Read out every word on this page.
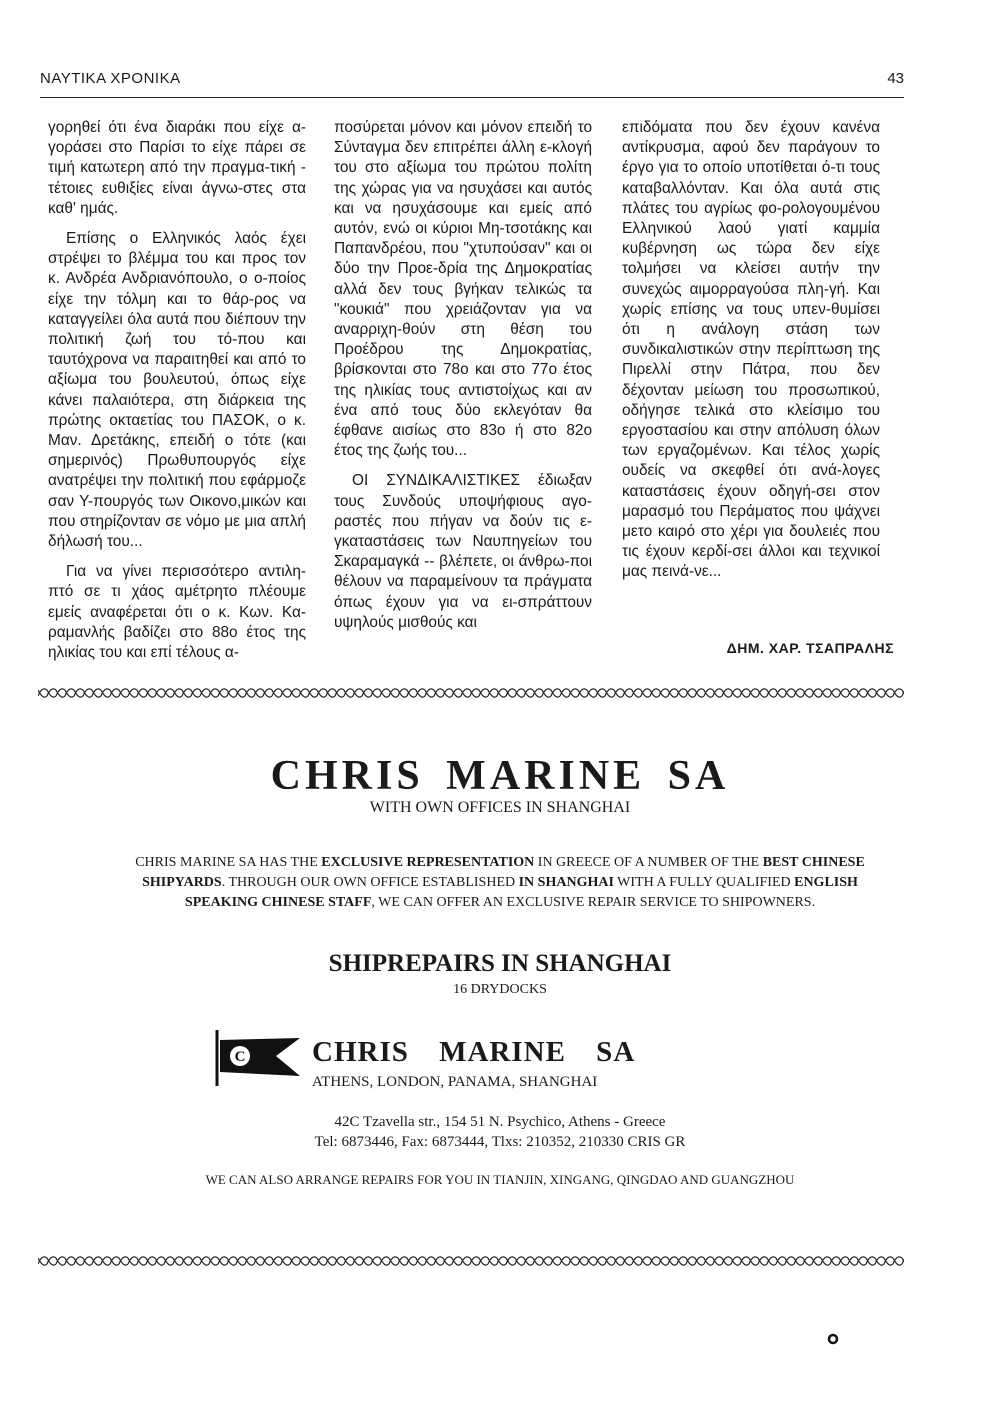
ΝΑΥΤΙΚΑ ΧΡΟΝΙΚΑ	43

γορηθεί ότι ένα διαράκι που είχε α-γοράσει στο Παρίσι το είχε πάρει σε τιμή κατωτερη από την πραγμα-τική - τέτοιες ευθιξίες είναι άγνω-στες στα καθ' ημάς.

Επίσης ο Ελληνικός λαός έχει στρέψει το βλέμμα του και προς τον κ. Ανδρέα Ανδριανόπουλο, ο ο-ποίος είχε την τόλμη και το θάρ-ρος να καταγγείλει όλα αυτά που διέπουν την πολιτική ζωή του τό-που και ταυτόχρονα να παραιτηθεί και από το αξίωμα του βουλευτού, όπως είχε κάνει παλαιότερα, στη διάρκεια της πρώτης οκταετίας του ΠΑΣΟΚ, ο κ. Μαν. Δρετάκης, επειδή ο τότε (και σημερινός) Πρωθυπουργός είχε ανατρέψει την πολιτική που εφάρμοζε σαν Υ-πουργός των Οικονο,μικών και που στηρίζονταν σε νόμο με μια απλή δήλωσή του...

Για να γίνει περισσότερο αντιλη-πτό σε τι χάος αμέτρητο πλέουμε εμείς αναφέρεται ότι ο κ. Κων. Κα-ραμανλής βαδίζει στο 88ο έτος της ηλικίας του και επί τέλους α-

ποσύρεται μόνον και μόνον επειδή το Σύνταγμα δεν επιτρέπει άλλη ε-κλογή του στο αξίωμα του πρώτου πολίτη της χώρας για να ησυχάσει και αυτός και να ησυχάσουμε και εμείς από αυτόν, ενώ οι κύριοι Μη-τσοτάκης και Παπανδρέου, που "χτυπούσαν" και οι δύο την Προε-δρία της Δημοκρατίας αλλά δεν τους βγήκαν τελικώς τα "κουκιά" που χρειάζονταν για να αναρριχη-θούν στη θέση του Προέδρου της Δημοκρατίας, βρίσκονται στο 78ο και στο 77ο έτος της ηλικίας τους αντιστοίχως και αν ένα από τους δύο εκλεγόταν θα έφθανε αισίως στο 83ο ή στο 82ο έτος της ζωής του...

ΟΙ ΣΥΝΔΙΚΑΛΙΣΤΙΚΕΣ έδιωξαν τους Συνδούς υποψήφιους αγο-ραστές που πήγαν να δούν τις ε-γκαταστάσεις των Ναυπηγείων του Σκαραμαγκά -- βλέπετε, οι άνθρω-ποι θέλουν να παραμείνουν τα πράγματα όπως έχουν για να ει-σπράττουν υψηλούς μισθούς και

επιδόματα που δεν έχουν κανένα αντίκρυσμα, αφού δεν παράγουν το έργο για το οποίο υποτίθεται ό-τι τους καταβαλλόνταν. Και όλα αυτά στις πλάτες του αγρίως φο-ρολογουμένου Ελληνικού λαού γιατί καμμία κυβέρνηση ως τώρα δεν είχε τολμήσει να κλείσει αυτήν την συνεχώς αιμορραγούσα πλη-γή. Και χωρίς επίσης να τους υπεν-θυμίσει ότι η ανάλογη στάση των συνδικαλιστικών στην περίπτωση της Πιρελλί στην Πάτρα, που δεν δέχονταν μείωση του προσωπικού, οδήγησε τελικά στο κλείσιμο του εργοστασίου και στην απόλυση όλων των εργαζομένων. Και τέλος χωρίς ουδείς να σκεφθεί ότι ανά-λογες καταστάσεις έχουν οδηγή-σει στον μαρασμό του Περάματος που ψάχνει μετο καιρό στο χέρι για δουλειές που τις έχουν κερδί-σει άλλοι και τεχνικοί μας πεινά-νε...

ΔΗΜ. ΧΑΡ. ΤΣΑΠΡΑΛΗΣ
CHRIS MARINE SA
WITH OWN OFFICES IN SHANGHAI
CHRIS MARINE SA HAS THE EXCLUSIVE REPRESENTATION IN GREECE OF A NUMBER OF THE BEST CHINESE SHIPYARDS. THROUGH OUR OWN OFFICE ESTABLISHED IN SHANGHAI WITH A FULLY QUALIFIED ENGLISH SPEAKING CHINESE STAFF, WE CAN OFFER AN EXCLUSIVE REPAIR SERVICE TO SHIPOWNERS.
SHIPREPAIRS IN SHANGHAI
16 DRYDOCKS
C CHRIS MARINE SA
ATHENS, LONDON, PANAMA, SHANGHAI
42C Tzavella str., 154 51 N. Psychico, Athens - Greece
Tel: 6873446, Fax: 6873444, Tlxs: 210352, 210330 CRIS GR
WE CAN ALSO ARRANGE REPAIRS FOR YOU IN TIANJIN, XINGANG, QINGDAO AND GUANGZHOU
